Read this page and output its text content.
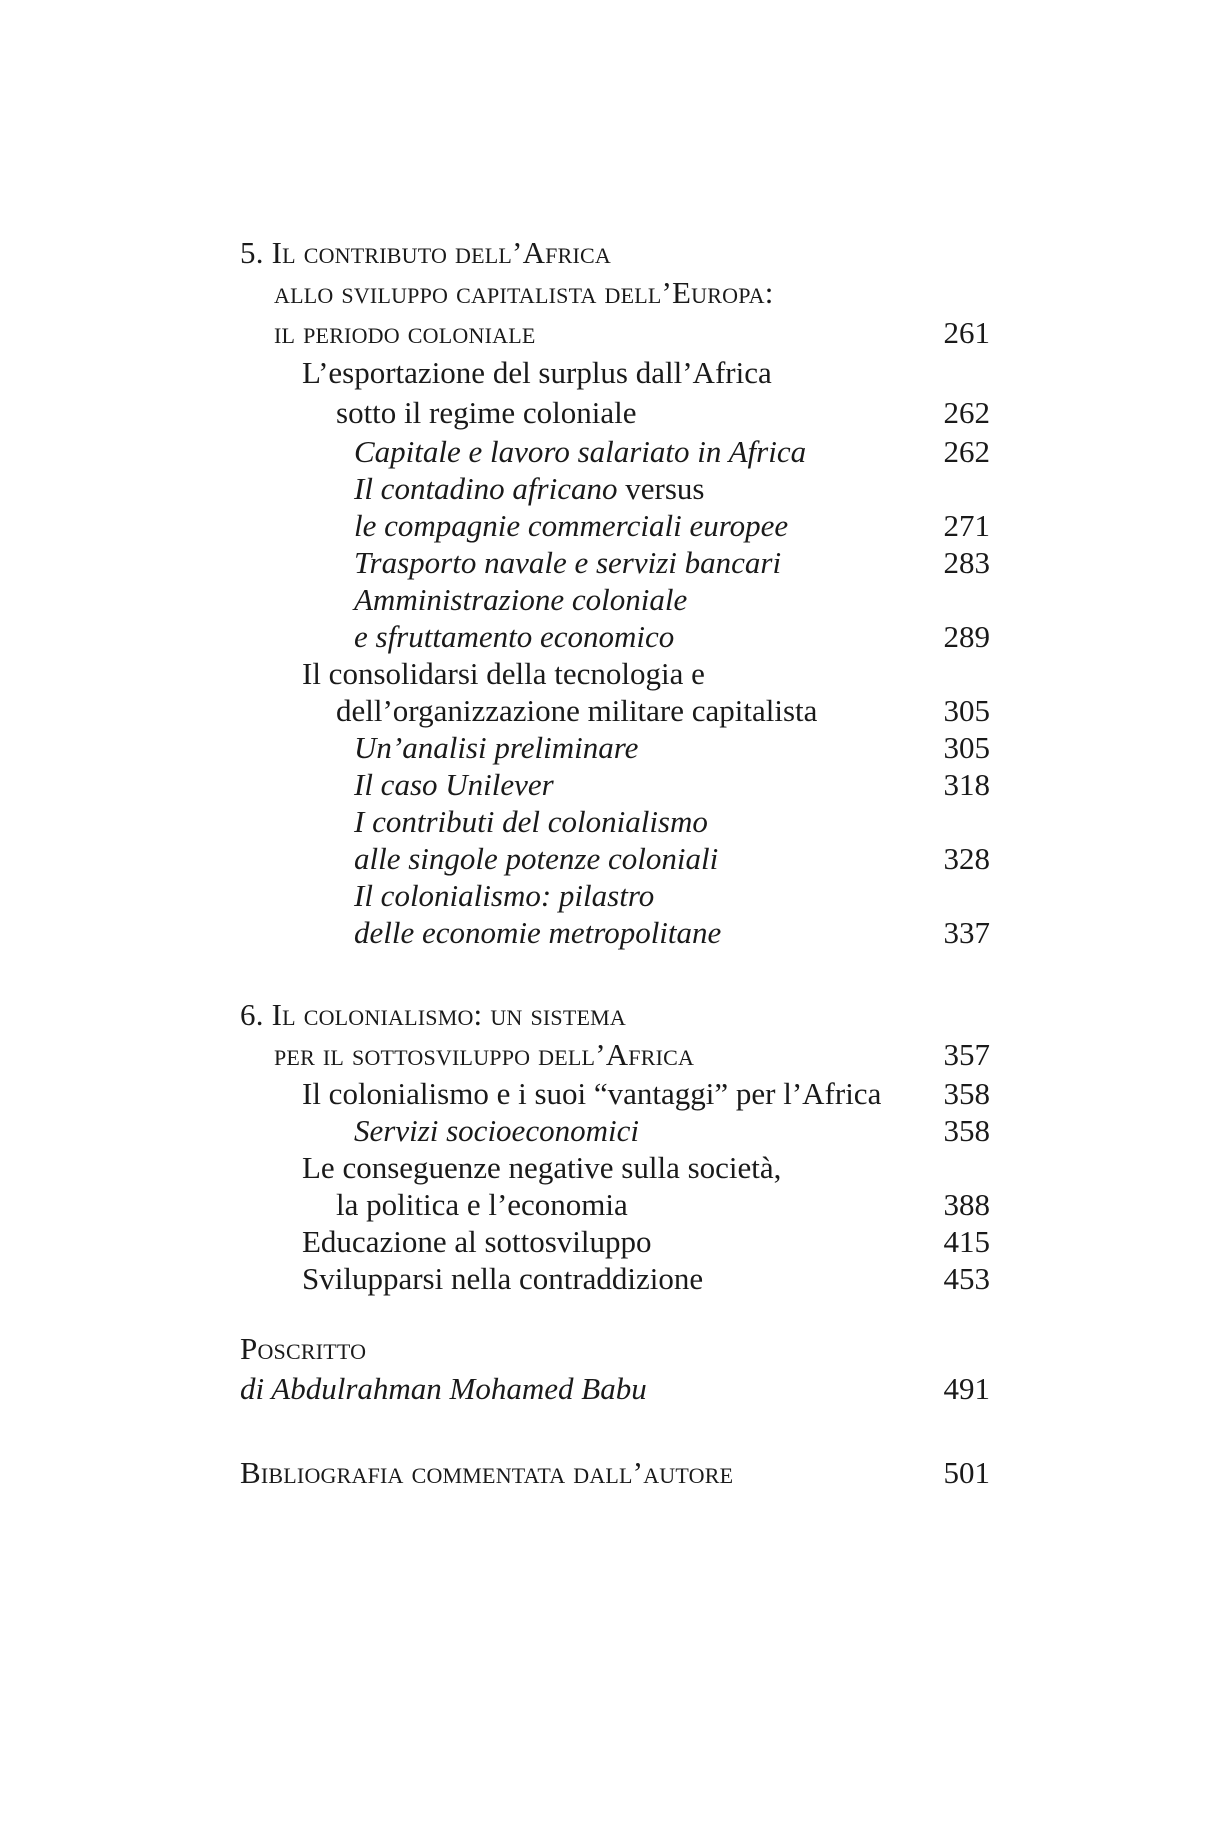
5. Il contributo dell’Africa
allo sviluppo capitalista dell’Europa:
il periodo coloniale	261
L’esportazione del surplus dall’Africa
sotto il regime coloniale	262
Capitale e lavoro salariato in Africa	262
Il contadino africano versus
le compagnie commerciali europee	271
Trasporto navale e servizi bancari	283
Amministrazione coloniale
e sfruttamento economico	289
Il consolidarsi della tecnologia e
dell’organizzazione militare capitalista	305
Un’analisi preliminare	305
Il caso Unilever	318
I contributi del colonialismo
alle singole potenze coloniali	328
Il colonialismo: pilastro
delle economie metropolitane	337
6. Il colonialismo: un sistema
per il sottosviluppo dell’Africa	357
Il colonialismo e i suoi “vantaggi” per l’Africa 358
Servizi socioeconomici	358
Le conseguenze negative sulla società,
la politica e l’economia	388
Educazione al sottosviluppo	415
Svilupparsi nella contraddizione	453
Poscritto
di Abdulrahman Mohamed Babu	491
Bibliografia commentata dall’autore	501
